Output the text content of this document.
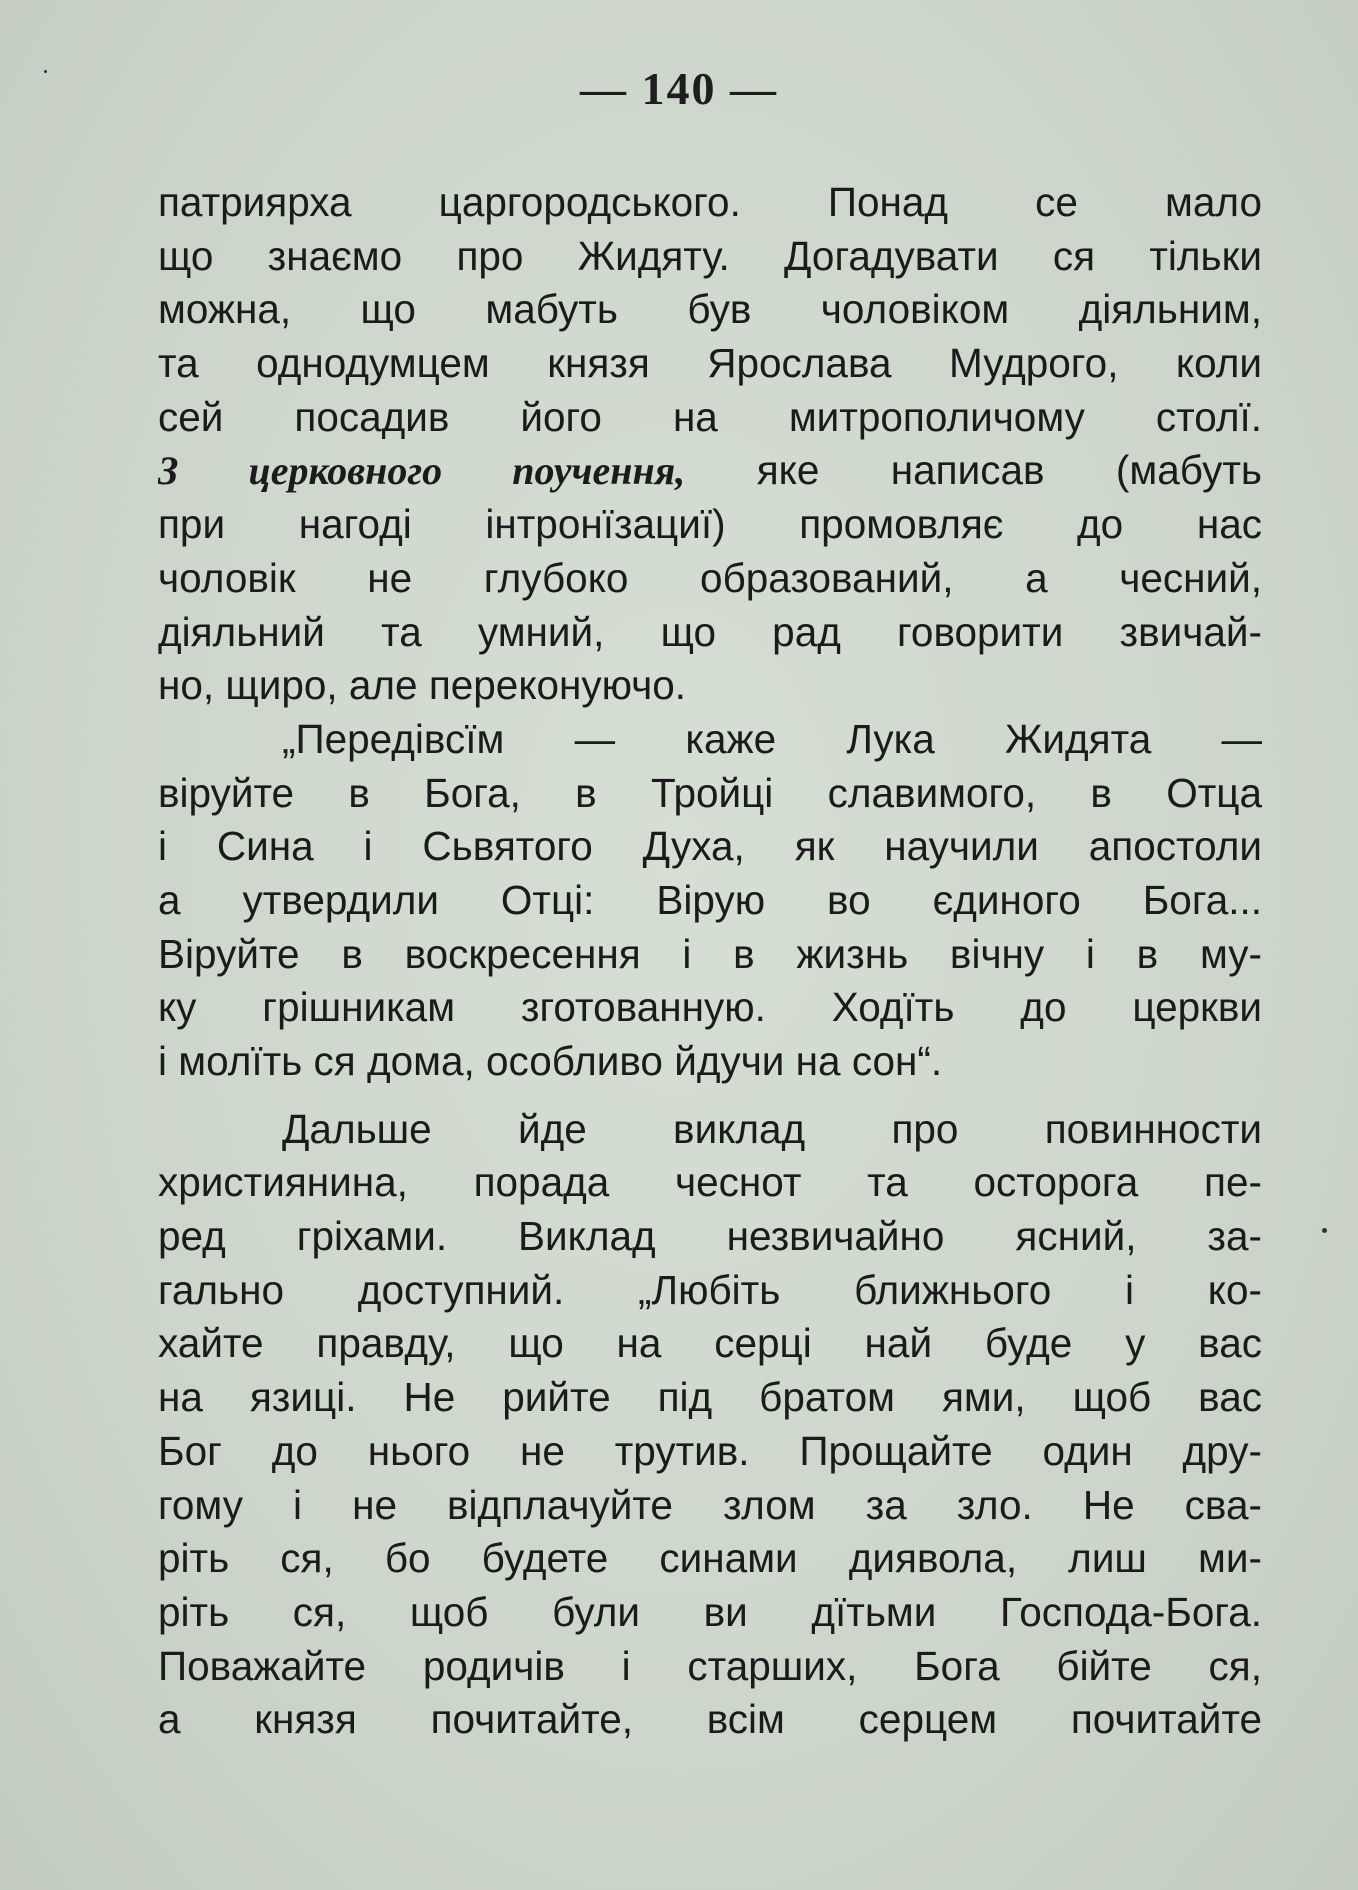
— 140 —
патриярха царгородського. Понад се мало
що знаємо про Жидяту. Догадувати ся тільки
можна, що мабуть був чоловіком діяльним,
та однодумцем князя Ярослава Мудрого, коли
сей посадив його на митрополичому столї.
З церковного поучення, яке написав (мабуть
при нагоді інтронїзациї) промовляє до нас
чоловік не глубоко образований, а чесний,
діяльний та умний, що рад говорити звичай-
но, щиро, але переконуючо.
„Передівсїм — каже Лука Жидята —
віруйте в Бога, в Тройці славимого, в Отца
і Сина і Сьвятого Духа, як научили апостоли
а утвердили Отці: Вірую во єдиного Бога...
Віруйте в воскресення і в жизнь вічну і в му-
ку грішникам зготованную. Ходїть до церкви
і молїть ся дома, особливо йдучи на сон“.
Дальше йде виклад про повинности
християнина, порада чеснот та осторога пе-
ред гріхами. Виклад незвичайно ясний, за-
гально доступний. „Любіть ближнього і ко-
хайте правду, що на серці най буде у вас
на язиці. Не рийте під братом ями, щоб вас
Бог до нього не трутив. Прощайте один дру-
гому і не відплачуйте злом за зло. Не сва-
ріть ся, бо будете синами диявола, лиш ми-
ріть ся, щоб були ви дїтьми Господа-Бога.
Поважайте родичів і старших, Бога бійте ся,
а князя почитайте, всім серцем почитайте
